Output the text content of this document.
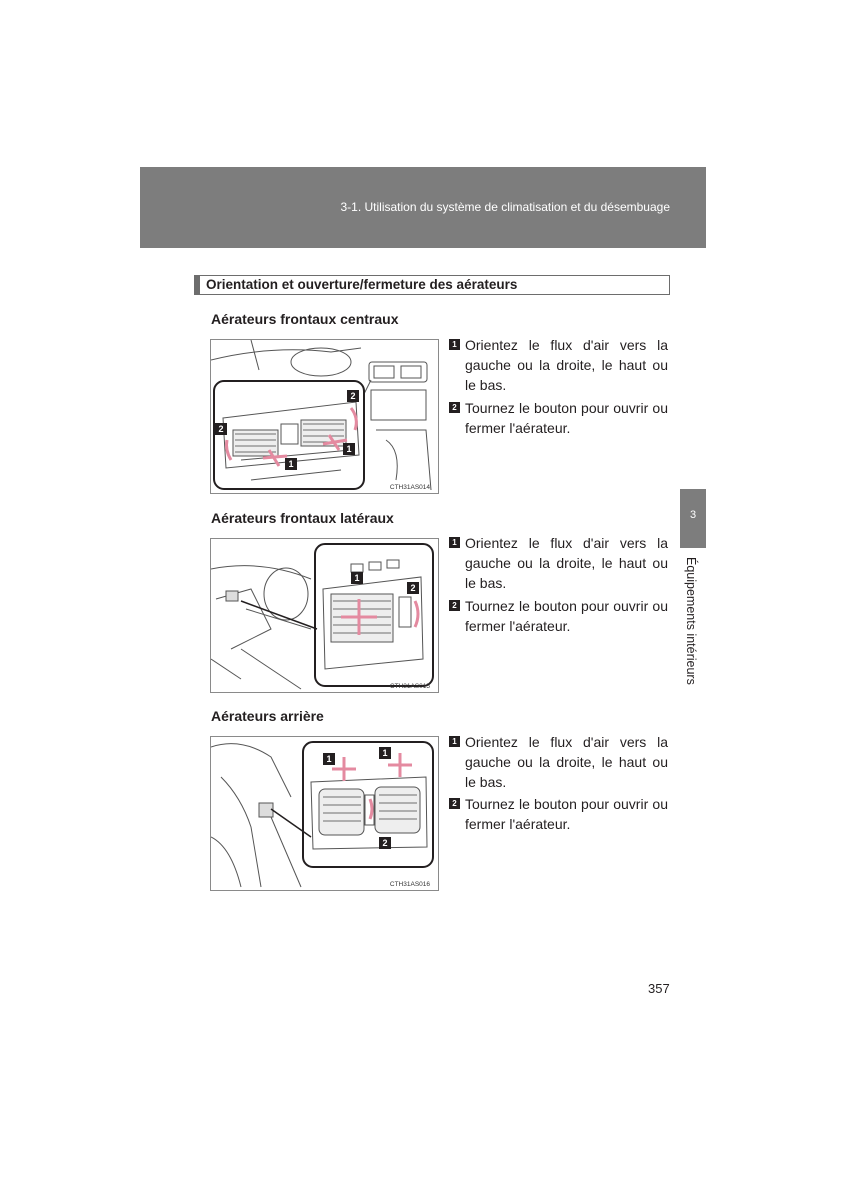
3-1. Utilisation du système de climatisation et du désembuage
Orientation et ouverture/fermeture des aérateurs
Aérateurs frontaux centraux
1
1
2
2
CTH31AS014
1 Orientez le flux d'air vers la gauche ou la droite, le haut ou le bas.
2 Tournez le bouton pour ouvrir ou fermer l'aérateur.
Aérateurs frontaux latéraux
1
2
CTH31AS015
1 Orientez le flux d'air vers la gauche ou la droite, le haut ou le bas.
2 Tournez le bouton pour ouvrir ou fermer l'aérateur.
Aérateurs arrière
1
1
2
CTH31AS016
1 Orientez le flux d'air vers la gauche ou la droite, le haut ou le bas.
2 Tournez le bouton pour ouvrir ou fermer l'aérateur.
3
Équipements intérieurs
357
